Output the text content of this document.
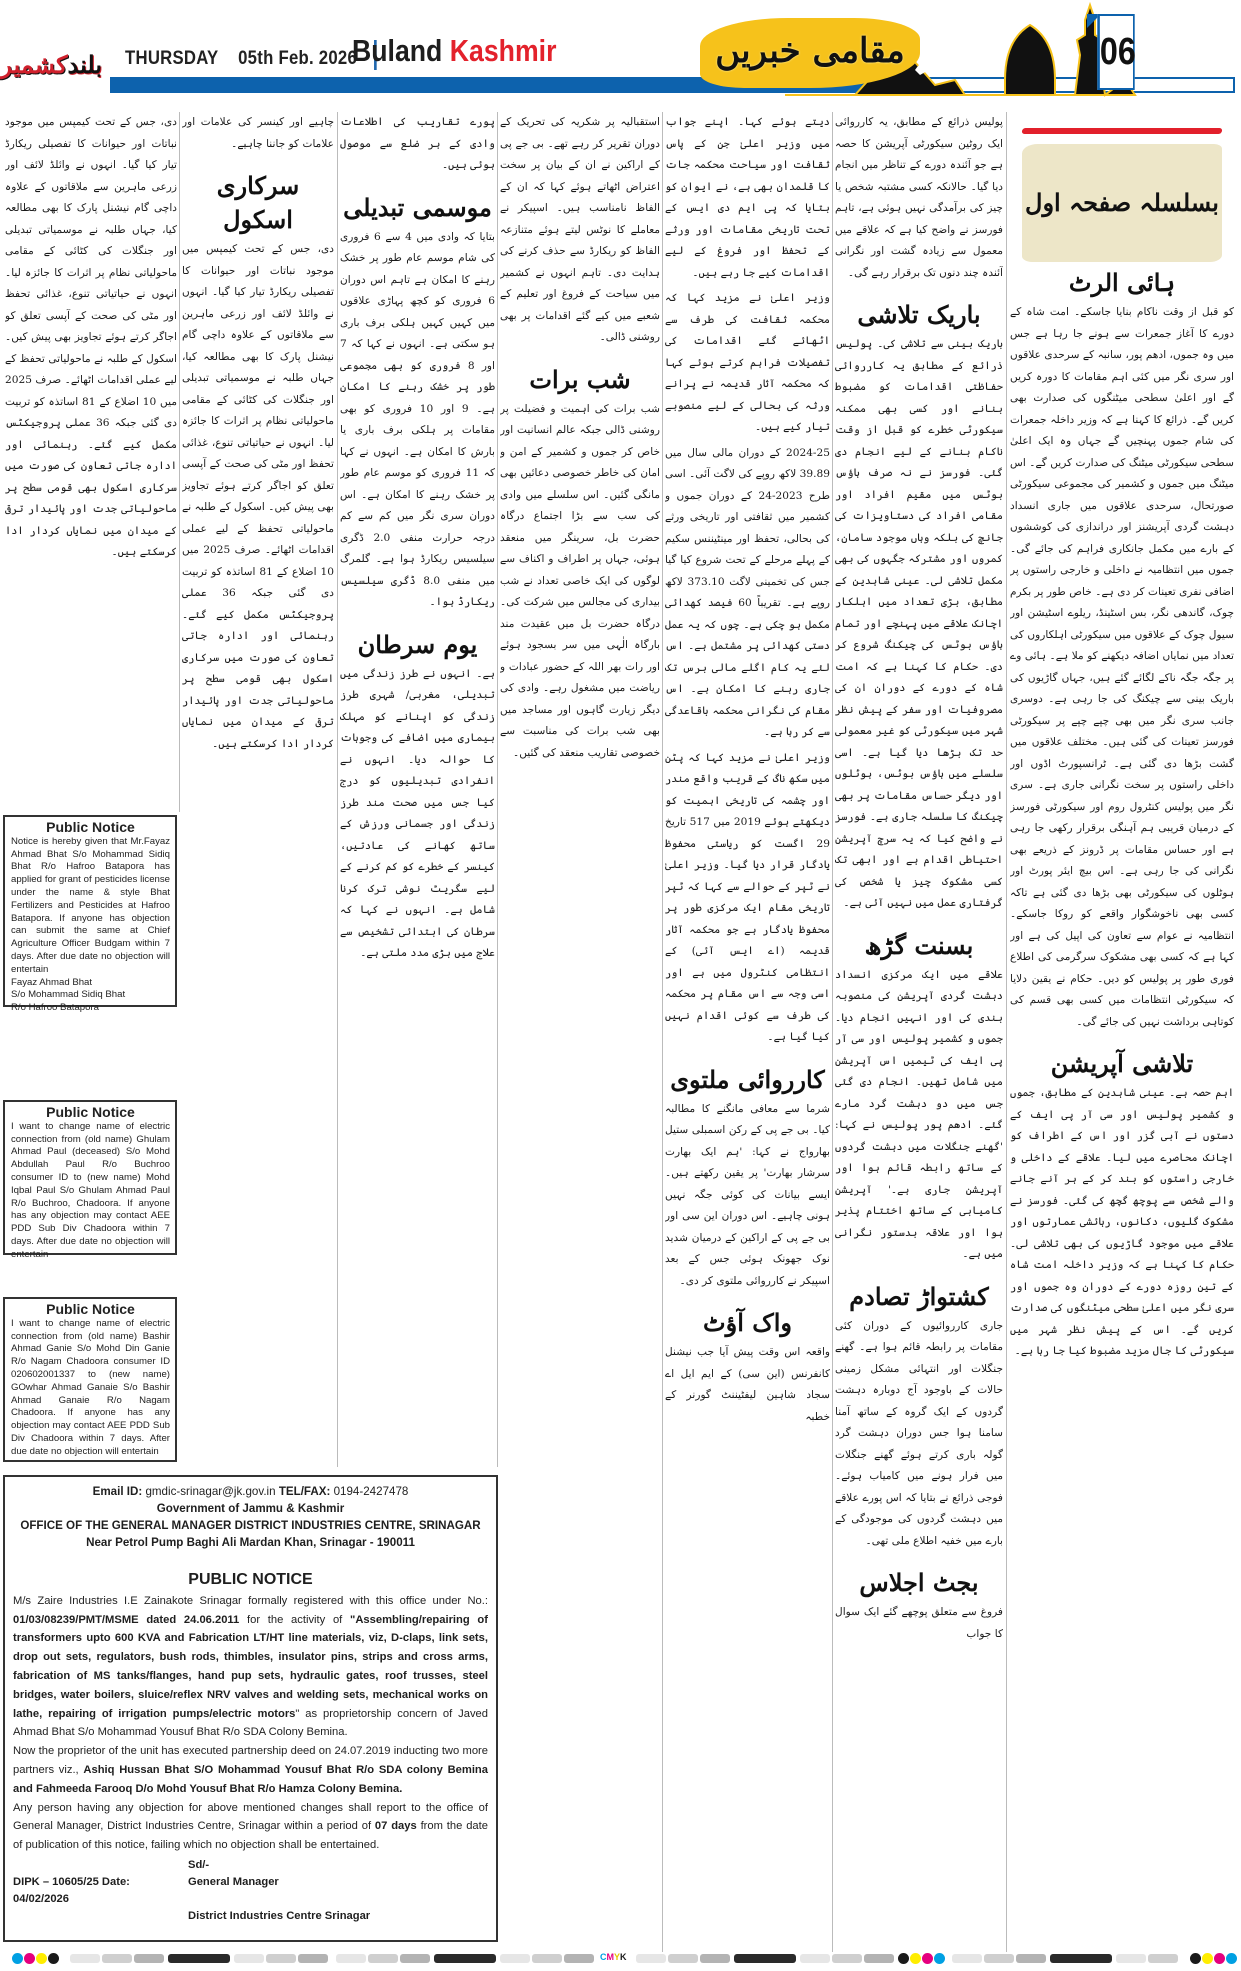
بلندکشمیر	THURSDAY 05th Feb. 2026
Buland Kashmir	مقامی خبریں	06
بسلسلہ صفحہ اول
ہائی الرٹ

کو قبل از وقت ناکام بنایا جاسکے۔ امت شاہ کے دورے کا آغاز جمعرات سے ہونے جا رہا ہے جس میں وہ جموں، ادھم پور، سانبہ کے سرحدی علاقوں اور سری نگر میں کئی اہم مقامات کا دورہ کریں گے اور اعلیٰ سطحی میٹنگوں کی صدارت بھی کریں گے۔ ذرائع کا کہنا ہے کہ وزیر داخلہ جمعرات کی شام جموں پہنچیں گے جہاں وہ ایک اعلیٰ سطحی سیکورٹی میٹنگ کی صدارت کریں گے۔ اس میٹنگ میں جموں و کشمیر کی مجموعی سیکورٹی صورتحال، سرحدی علاقوں میں جاری انسداد دہشت گردی آپریشنز اور دراندازی کی کوششوں کے بارے میں مکمل جانکاری فراہم کی جائے گی۔ جموں میں انتظامیہ نے داخلی و خارجی راستوں پر اضافی نفری تعینات کر دی ہے۔ خاص طور پر بکرم چوک، گاندھی نگر، بس اسٹینڈ، ریلوے اسٹیشن اور سیول چوک کے علاقوں میں سیکورٹی اہلکاروں کی تعداد میں نمایاں اضافہ دیکھنے کو ملا ہے۔ ہائی وے پر جگہ جگہ ناکے لگائے گئے ہیں، جہاں گاڑیوں کی باریک بینی سے چیکنگ کی جا رہی ہے۔ دوسری جانب سری نگر میں بھی چپے چپے پر سیکورٹی فورسز تعینات کی گئی ہیں۔ مختلف علاقوں میں گشت بڑھا دی گئی ہے۔ ٹرانسپورٹ اڈوں اور داخلی راستوں پر سخت نگرانی جاری ہے۔ سری نگر میں پولیس کنٹرول روم اور سیکورٹی فورسز کے درمیان قریبی ہم آہنگی برقرار رکھی جا رہی ہے اور حساس مقامات پر ڈرونز کے ذریعے بھی نگرانی کی جا رہی ہے۔ اس بیچ ایئر پورٹ اور ہوٹلوں کی سیکورٹی بھی بڑھا دی گئی ہے تاکہ کسی بھی ناخوشگوار واقعے کو روکا جاسکے۔ انتظامیہ نے عوام سے تعاون کی اپیل کی ہے اور کہا ہے کہ کسی بھی مشکوک سرگرمی کی اطلاع فوری طور پر پولیس کو دیں۔ حکام نے یقین دلایا کہ سیکورٹی انتظامات میں کسی بھی قسم کی کوتاہی برداشت نہیں کی جائے گی۔

تلاشی آپریشن

اہم حصہ ہے۔ عینی شاہدین کے مطابق، جموں و کشمیر پولیس اور سی آر پی ایف کے دستوں نے آبی گزر اور اس کے اطراف کو اچانک محاصرے میں لیا۔ علاقے کے داخلی و خارجی راستوں کو بند کر کے ہر آنے جانے والے شخص سے پوچھ گچھ کی گئی۔ فورسز نے مشکوک گلیوں، دکانوں، رہائشی عمارتوں اور علاقے میں موجود گاڑیوں کی بھی تلاشی لی۔ حکام کا کہنا ہے کہ وزیر داخلہ امت شاہ کے تین روزہ دورے کے دوران وہ جموں اور سری نگر میں اعلیٰ سطحی میٹنگوں کی صدارت کریں گے۔ اس کے پیش نظر شہر میں سیکورٹی کا جال مزید مضبوط کیا جا رہا ہے۔

پولیس ذرائع کے مطابق، یہ کارروائی ایک روٹین سیکورٹی آپریشن کا حصہ ہے جو آئندہ دورے کے تناظر میں انجام دیا گیا۔ حالانکہ کسی مشتبہ شخص یا چیز کی برآمدگی نہیں ہوئی ہے، تاہم فورسز نے واضح کیا ہے کہ علاقے میں معمول سے زیادہ گشت اور نگرانی آئندہ چند دنوں تک برقرار رہے گی۔

باریک تلاشی

باریک بینی سے تلاشی کی۔ پولیس ذرائع کے مطابق یہ کارروائی حفاظتی اقدامات کو مضبوط بنانے اور کسی بھی ممکنہ سیکورٹی خطرے کو قبل از وقت ناکام بنانے کے لیے انجام دی گئی۔ فورسز نے نہ صرف ہاؤس بوٹس میں مقیم افراد اور مقامی افراد کی دستاویزات کی جانچ کی بلکہ وہاں موجود سامان، کمروں اور مشترکہ جگہوں کی بھی مکمل تلاشی لی۔ عینی شاہدین کے مطابق، بڑی تعداد میں اہلکار اچانک علاقے میں پہنچے اور تمام ہاؤس بوٹس کی چیکنگ شروع کر دی۔ حکام کا کہنا ہے کہ امت شاہ کے دورے کے دوران ان کی مصروفیات اور سفر کے پیش نظر شہر میں سیکورٹی کو غیر معمولی حد تک بڑھا دیا گیا ہے۔ اسی سلسلے میں ہاؤس بوٹس، ہوٹلوں اور دیگر حساس مقامات پر بھی چیکنگ کا سلسلہ جاری ہے۔ فورسز نے واضح کیا کہ یہ سرچ آپریشن احتیاطی اقدام ہے اور ابھی تک کسی مشکوک چیز یا شخص کی گرفتاری عمل میں نہیں آئی ہے۔

بسنت گڑھ

علاقے میں ایک مرکزی انسداد دہشت گردی آپریشن کی منصوبہ بندی کی اور انہیں انجام دیا۔ جموں و کشمیر پولیس اور سی آر پی ایف کی ٹیمیں اس آپریشن میں شامل تھیں۔ انجام دی گئی جس میں دو دہشت گرد مارے گئے۔ ادھم پور پولیس نے کہا: 'گھنے جنگلات میں دہشت گردوں کے ساتھ رابطہ قائم ہوا اور آپریشن جاری ہے۔' آپریشن کامیابی کے ساتھ اختتام پذیر ہوا اور علاقہ بدستور نگرانی میں ہے۔

کشتواڑ تصادم

جاری کارروائیوں کے دوران کئی مقامات پر رابطہ قائم ہوا ہے۔ گھنے جنگلات اور انتہائی مشکل زمینی حالات کے باوجود آج دوبارہ دہشت گردوں کے ایک گروہ کے ساتھ آمنا سامنا ہوا جس دوران دہشت گرد گولہ باری کرتے ہوئے گھنے جنگلات میں فرار ہونے میں کامیاب ہوئے۔ فوجی ذرائع نے بتایا کہ اس پورے علاقے میں دہشت گردوں کی موجودگی کے بارے میں خفیہ اطلاع ملی تھی۔

بجٹ اجلاس

فروغ سے متعلق پوچھے گئے ایک سوال کا جواب

دیتے ہوئے کہا۔ اپنے جواب میں وزیر اعلیٰ جن کے پاس ثقافت اور سیاحت محکمہ جات کا قلمدان بھی ہے، نے ایوان کو بتایا کہ پی ایم دی ایس کے تحت تاریخی مقامات اور ورثے کے تحفظ اور فروغ کے لیے اقدامات کیے جا رہے ہیں۔

وزیر اعلیٰ نے مزید کہا کہ محکمہ ثقافت کی طرف سے اٹھائے گئے اقدامات کی تفصیلات فراہم کرتے ہوئے کہا کہ محکمہ آثار قدیمہ نے پرانے ورثہ کی بحالی کے لیے منصوبے تیار کیے ہیں۔

2024-25 کے دوران مالی سال میں 39.89 لاکھ روپے کی لاگت آئی۔ اسی طرح 2023-24 کے دوران جموں و کشمیر میں ثقافتی اور تاریخی ورثے کی بحالی، تحفظ اور مینٹیننس سکیم کے پہلے مرحلے کے تحت شروع کیا گیا جس کی تخمینی لاگت 373.10 لاکھ روپے ہے۔ تقریباً 60 فیصد کھدائی مکمل ہو چکی ہے۔ چوں کہ یہ عمل دستی کھدائی پر مشتمل ہے۔ اس لئے یہ کام اگلے مالی برس تک جاری رہنے کا امکان ہے۔ اس مقام کی نگرانی محکمہ باقاعدگی سے کر رہا ہے۔

وزیر اعلیٰ نے مزید کہا کہ پٹن میں سکھ ناگ کے قریب واقع مندر اور چشمہ کی تاریخی اہمیت کو دیکھتے ہوئے 2019 میں 517 تاریخ 29 اگست کو ریاستی محفوظ یادگار قرار دیا گیا۔ وزیر اعلیٰ نے ٹپر کے حوالے سے کہا کہ ٹپر تاریخی مقام ایک مرکزی طور پر محفوظ یادگار ہے جو محکمہ آثار قدیمہ (اے ایس آئی) کے انتظامی کنٹرول میں ہے اور اسی وجہ سے اس مقام پر محکمہ کی طرف سے کوئی اقدام نہیں کیا گیا ہے۔

کارروائی ملتوی

شرما سے معافی مانگنے کا مطالبہ کیا۔ بی جے پی کے رکن اسمبلی ستیل بھارواج نے کہا: 'ہم ایک بھارت سرشار بھارت' پر یقین رکھتے ہیں۔ ایسے بیانات کی کوئی جگہ نہیں ہونی چاہیے۔ اس دوران این سی اور بی جے پی کے اراکین کے درمیان شدید نوک جھونک ہوئی جس کے بعد اسپیکر نے کارروائی ملتوی کر دی۔

واک آؤٹ

واقعہ اس وقت پیش آیا جب نیشنل کانفرنس (این سی) کے ایم ایل اے سجاد شاہین لیفٹیننٹ گورنر کے خطبہ

استقبالیہ پر شکریہ کی تحریک کے دوران تقریر کر رہے تھے۔ بی جے پی کے اراکین نے ان کے بیان پر سخت اعتراض اٹھاتے ہوئے کہا کہ ان کے الفاظ نامناسب ہیں۔ اسپیکر نے معاملے کا نوٹس لیتے ہوئے متنازعہ الفاظ کو ریکارڈ سے حذف کرنے کی ہدایت دی۔ تاہم انہوں نے کشمیر میں سیاحت کے فروغ اور تعلیم کے شعبے میں کیے گئے اقدامات پر بھی روشنی ڈالی۔

شب برات

شب برات کی اہمیت و فضیلت پر روشنی ڈالی جبکہ عالم انسانیت اور خاص کر جموں و کشمیر کے امن و امان کی خاطر خصوصی دعائیں بھی مانگی گئیں۔ اس سلسلے میں وادی کی سب سے بڑا اجتماع درگاہ حضرت بل، سرینگر میں منعقد ہوئی، جہاں پر اطراف و اکناف سے لوگوں کی ایک خاصی تعداد نے شب بیداری کی مجالس میں شرکت کی۔ درگاہ حضرت بل میں عقیدت مند بارگاہ الٰہی میں سر بسجود ہوئے اور رات بھر اللہ کے حضور عبادات و ریاضت میں مشغول رہے۔ وادی کی دیگر زیارت گاہوں اور مساجد میں بھی شب برات کی مناسبت سے خصوصی تقاریب منعقد کی گئیں۔

پورے تقاریب کی اطلاعات وادی کے ہر ضلع سے موصول ہوئی ہیں۔

موسمی تبدیلی

بتایا کہ وادی میں 4 سے 6 فروری کی شام موسم عام طور پر خشک رہنے کا امکان ہے تاہم اس دوران 6 فروری کو کچھ پہاڑی علاقوں میں کہیں کہیں ہلکی برف باری ہو سکتی ہے۔ انہوں نے کہا کہ 7 اور 8 فروری کو بھی مجموعی طور پر خشک رہنے کا امکان ہے۔ 9 اور 10 فروری کو بھی مقامات پر ہلکی برف باری یا بارش کا امکان ہے۔ انہوں نے کہا کہ 11 فروری کو موسم عام طور پر خشک رہنے کا امکان ہے۔ اس دوران سری نگر میں کم سے کم درجہ حرارت منفی 2.0 ڈگری سیلسیس ریکارڈ ہوا ہے۔ گلمرگ میں منفی 8.0 ڈگری سیلسیس ریکارڈ ہوا۔

یوم سرطان

ہے۔ انہوں نے طرز زندگی میں تبدیلی، مغربی/ شہری طرز زندگی کو اپنانے کو مہلک بیماری میں اضافے کی وجوہات کا حوالہ دیا۔ انہوں نے انفرادی تبدیلیوں کو درج کیا جس میں صحت مند طرز زندگی اور جسمانی ورزش کے ساتھ کھانے کی عادتیں، کینسر کے خطرے کو کم کرنے کے لیے سگریٹ نوشی ترک کرنا شامل ہے۔ انہوں نے کہا کہ سرطان کی ابتدائی تشخیص سے علاج میں بڑی مدد ملتی ہے۔

چاہیے اور کینسر کی علامات اور علامات کو جاننا چاہیے۔

سرکاری اسکول

دی، جس کے تحت کیمپس میں موجود نباتات اور حیوانات کا تفصیلی ریکارڈ تیار کیا گیا۔ انہوں نے وائلڈ لائف اور زرعی ماہرین سے ملاقاتوں کے علاوہ داچی گام نیشنل پارک کا بھی مطالعہ کیا، جہاں طلبہ نے موسمیاتی تبدیلی اور جنگلات کی کٹائی کے مقامی ماحولیاتی نظام پر اثرات کا جائزہ لیا۔ انہوں نے حیاتیاتی تنوع، غذائی تحفظ اور مٹی کی صحت کے آپسی تعلق کو اجاگر کرتے ہوئے تجاویز بھی پیش کیں۔ اسکول کے طلبہ نے ماحولیاتی تحفظ کے لیے عملی اقدامات اٹھائے۔ صرف 2025 میں 10 اضلاع کے 81 اساتذہ کو تربیت دی گئی جبکہ 36 عملی پروجیکٹس مکمل کیے گئے۔ رہنمائی اور ادارہ جاتی تعاون کی صورت میں سرکاری اسکول بھی قومی سطح پر ماحولیاتی جدت اور پائیدار ترقی کے میدان میں نمایاں کردار ادا کرسکتے ہیں۔

دی، جس کے تحت کیمپس میں موجود نباتات اور حیوانات کا تفصیلی ریکارڈ تیار کیا گیا۔ انہوں نے وائلڈ لائف اور زرعی ماہرین سے ملاقاتوں کے علاوہ داچی گام نیشنل پارک کا بھی مطالعہ کیا، جہاں طلبہ نے موسمیاتی تبدیلی اور جنگلات کی کٹائی کے مقامی ماحولیاتی نظام پر اثرات کا جائزہ لیا۔ انہوں نے حیاتیاتی تنوع، غذائی تحفظ اور مٹی کی صحت کے آپسی تعلق کو اجاگر کرتے ہوئے تجاویز بھی پیش کیں۔ اسکول کے طلبہ نے ماحولیاتی تحفظ کے لیے عملی اقدامات اٹھائے۔ صرف 2025 میں 10 اضلاع کے 81 اساتذہ کو تربیت دی گئی جبکہ 36 عملی پروجیکٹس مکمل کیے گئے۔ رہنمائی اور ادارہ جاتی تعاون کی صورت میں سرکاری اسکول بھی قومی سطح پر ماحولیاتی جدت اور پائیدار ترقی کے میدان میں نمایاں کردار ادا کرسکتے ہیں۔

Public Notice
Notice is hereby given that Mr.Fayaz Ahmad Bhat S/o Mohammad Sidiq Bhat R/o Hafroo Batapora has applied for grant of pesticides license under the name & style Bhat Fertilizers and Pesticides at Hafroo Batapora. If anyone has objection can submit the same at Chief Agriculture Officer Budgam within 7 days. After due date no objection will entertain
Fayaz Ahmad Bhat
S/o Mohammad Sidiq Bhat
R/o Hafroo Batapora
Public Notice
I want to change name of electric connection from (old name) Ghulam Ahmad Paul (deceased) S/o Mohd Abdullah Paul R/o Buchroo consumer ID to (new name) Mohd Iqbal Paul S/o Ghulam Ahmad Paul R/o Buchroo, Chadoora. If anyone has any objection may contact AEE PDD Sub Div Chadoora within 7 days. After due date no objection will entertain
Public Notice
I want to change name of electric connection from (old name) Bashir Ahmad Ganie S/o Mohd Din Ganie R/o Nagam Chadoora consumer ID 020602001337 to (new name) GOwhar Ahmad Ganaie S/o Bashir Ahmad Ganaie R/o Nagam Chadoora. If anyone has any objection may contact AEE PDD Sub Div Chadoora within 7 days. After due date no objection will entertain
Email ID: gmdic-srinagar@jk.gov.in TEL/FAX: 0194-2427478
Government of Jammu & Kashmir
OFFICE OF THE GENERAL MANAGER DISTRICT INDUSTRIES CENTRE, SRINAGAR
Near Petrol Pump Baghi Ali Mardan Khan, Srinagar - 190011
PUBLIC NOTICE
M/s Zaire Industries I.E Zainakote Srinagar formally registered with this office under No.: 01/03/08239/PMT/MSME dated 24.06.2011 for the activity of "Assembling/repairing of transformers upto 600 KVA and Fabrication LT/HT line materials, viz, D-claps, link sets, drop out sets, regulators, bush rods, thimbles, insulator pins, strips and cross arms, fabrication of MS tanks/flanges, hand pup sets, hydraulic gates, roof trusses, steel bridges, water boilers, sluice/reflex NRV valves and welding sets, mechanical works on lathe, repairing of irrigation pumps/electric motors" as proprietorship concern of Javed Ahmad Bhat S/o Mohammad Yousuf Bhat R/o SDA Colony Bemina.
Now the proprietor of the unit has executed partnership deed on 24.07.2019 inducting two more partners viz., Ashiq Hussan Bhat S/O Mohammad Yousuf Bhat R/o SDA colony Bemina and Fahmeeda Farooq D/o Mohd Yousuf Bhat R/o Hamza Colony Bemina.
Any person having any objection for above mentioned changes shall report to the office of General Manager, District Industries Centre, Srinagar within a period of 07 days from the date of publication of this notice, failing which no objection shall be entertained.
Sd/-
DIPK – 10605/25 Date: 04/02/2026
General Manager
District Industries Centre Srinagar
CMYK
